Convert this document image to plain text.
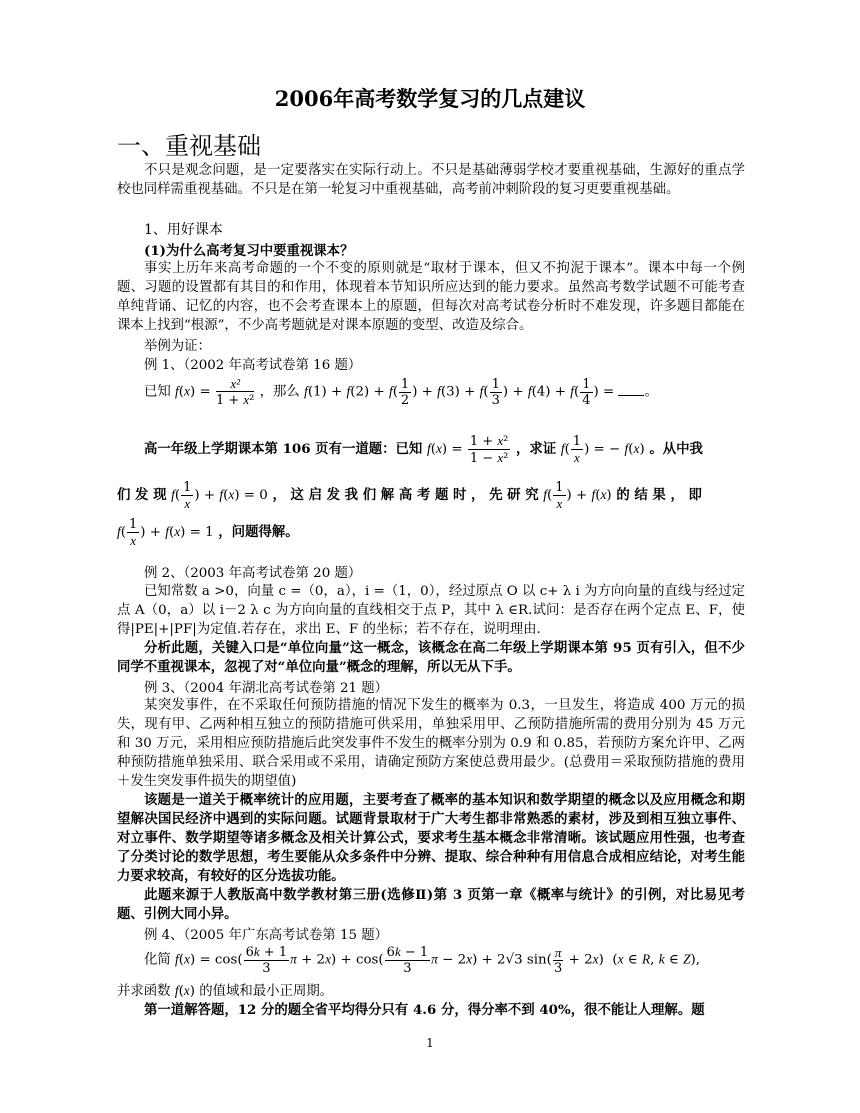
2006年高考数学复习的几点建议
一、重视基础

不只是观念问题，是一定要落实在实际行动上。不只是基础薄弱学校才要重视基础，生源好的重点学校也同样需重视基础。不只是在第一轮复习中重视基础，高考前冲刺阶段的复习更要重视基础。

1、用好课本
(1)为什么高考复习中要重视课本？

事实上历年来高考命题的一个不变的原则就是“取材于课本，但又不拘泥于课本”。课本中每一个例题、习题的设置都有其目的和作用，体现着本节知识所应达到的能力要求。虽然高考数学试题不可能考查单纯背诵、记忆的内容，也不会考查课本上的原题，但每次对高考试卷分析时不难发现，许多题目都能在课本上找到“根源”，不少高考题就是对课本原题的变型、改造及综合。

举例为证：
例 1、（2002 年高考试卷第 16 题）
已知 $f(x) = \frac{\text{x²}}{\text{1 + x²}}$ ，那么 $f(1) + f(2) + f( \frac{1}{2}$ ) + $f(3) + f( \frac{1}{3}$ ) + $f(4) + f( \frac{1}{4}$ ) = 。
高一年级上学期课本第 106 页有一道题：已知 $f(x) = \frac{\text{1 + x²}}{\text{1 − x²}}$ ，求证 $f( \frac{1}{x}$ ) = − f(x) 。从中我
们 发 现 $f( \frac{1}{x}$ ) + f(x) = 0 ， 这 启 发 我 们 解 高 考 题 时 ， 先 研 究 $f( \frac{1}{x}$ ) + f(x) 的 结 果 ， 即
$f( \frac{1}{x}$ ) + f(x) = 1 ，问题得解。
例 2、（2003 年高考试卷第 20 题）

已知常数 a >0，向量 c =（0，a），i =（1，0），经过原点 O 以 c+ λ i 为方向向量的直线与经过定点 A（0，a）以 i－2 λ c 为方向向量的直线相交于点 P，其中 λ ∈R.试问：是否存在两个定点 E、F，使得|PE|+|PF|为定值.若存在，求出 E、F 的坐标；若不存在，说明理由.

分析此题，关键入口是“单位向量”这一概念，该概念在高二年级上学期课本第 95 页有引入，但不少同学不重视课本，忽视了对“单位向量”概念的理解，所以无从下手。

例 3、（2004 年湖北高考试卷第 21 题）

某突发事件，在不采取任何预防措施的情况下发生的概率为 0.3，一旦发生，将造成 400 万元的损失，现有甲、乙两种相互独立的预防措施可供采用，单独采用甲、乙预防措施所需的费用分别为 45 万元和 30 万元，采用相应预防措施后此突发事件不发生的概率分别为 0.9 和 0.85，若预防方案允许甲、乙两种预防措施单独采用、联合采用或不采用，请确定预防方案使总费用最少。(总费用＝采取预防措施的费用＋发生突发事件损失的期望值)

该题是一道关于概率统计的应用题，主要考查了概率的基本知识和数学期望的概念以及应用概念和期望解决国民经济中遇到的实际问题。试题背景取材于广大考生都非常熟悉的素材，涉及到相互独立事件、对立事件、数学期望等诸多概念及相关计算公式，要求考生基本概念非常清晰。该试题应用性强，也考查了分类讨论的数学思想，考生要能从众多条件中分辨、提取、综合种种有用信息合成相应结论，对考生能力要求较高，有较好的区分选拔功能。

此题来源于人教版高中数学教材第三册(选修Ⅱ)第 3 页第一章《概率与统计》的引例，对比易见考题、引例大同小异。

例 4、（2005 年广东高考试卷第 15 题）
化简 $f(x) = \cos( \frac{6k + 1}{3}$ $\pi + 2x) + \cos( \frac{6k - 1}{3}$ π − 2x) + 2√3 $\sin( \frac{\pi}{3} + 2x)$  (x ∈ R, k ∈ Z),
并求函数 f(x) 的值域和最小正周期。

第一道解答题，12 分的题全省平均得分只有 4.6 分，得分率不到 40%，很不能让人理解。题

1
